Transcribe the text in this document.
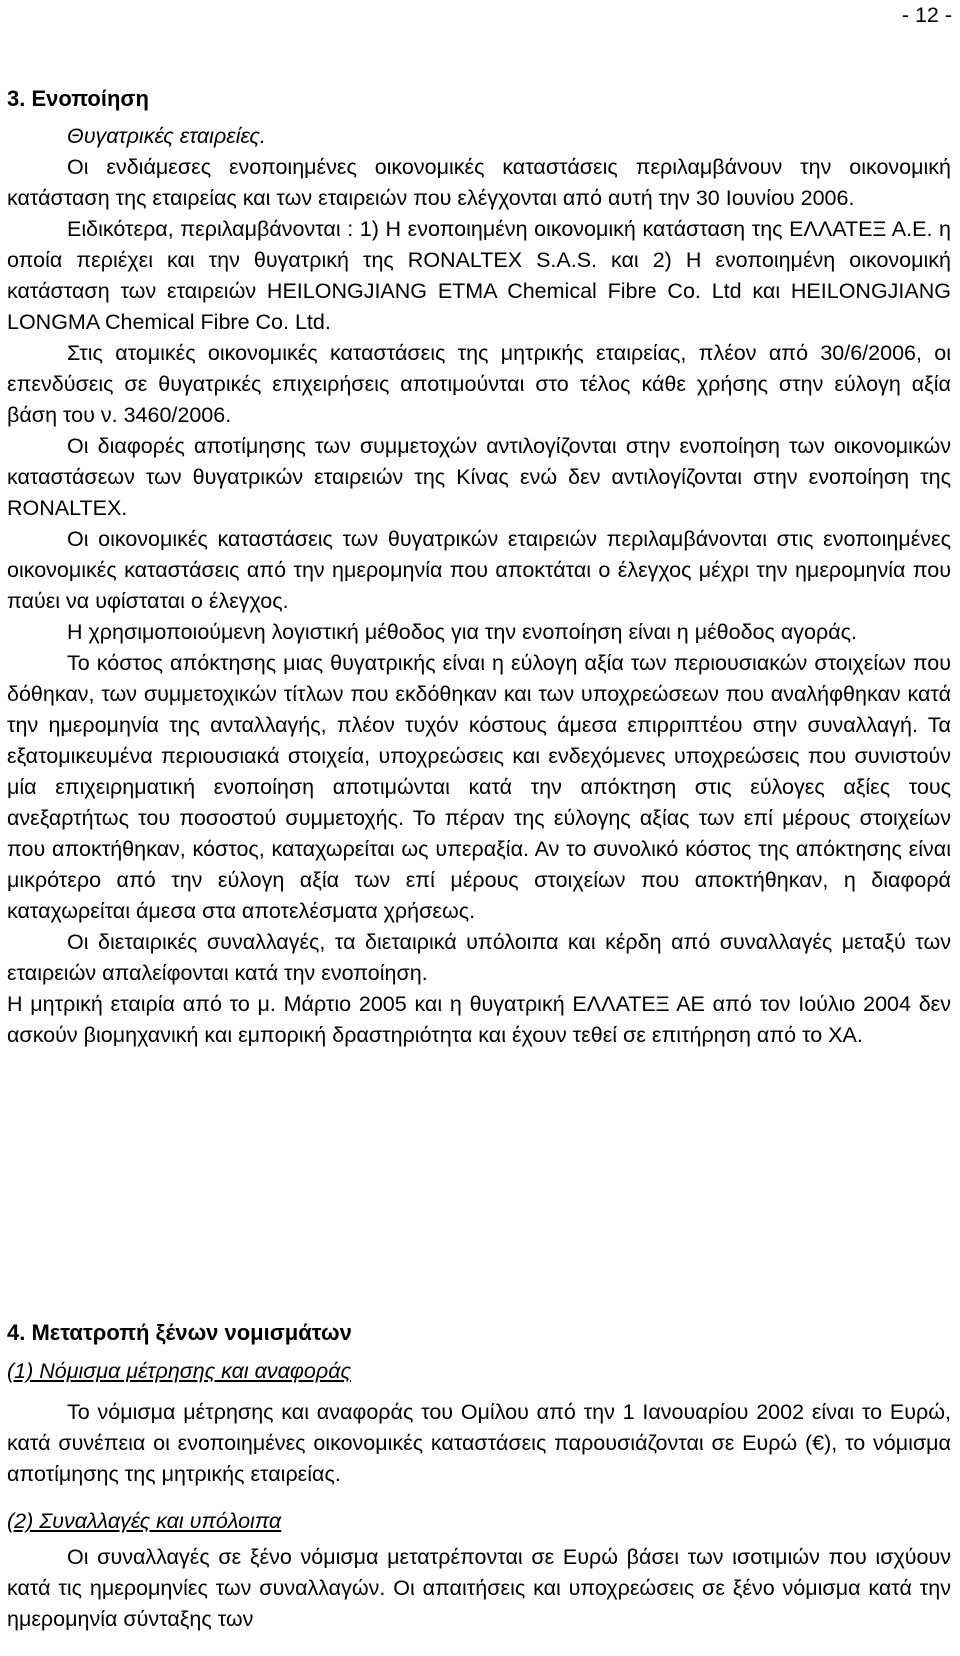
- 12 -
3. Ενοποίηση

Θυγατρικές εταιρείες.

Οι ενδιάμεσες ενοποιημένες οικονομικές καταστάσεις περιλαμβάνουν την οικονομική κατάσταση της εταιρείας και των εταιρειών που ελέγχονται από αυτή την 30 Ιουνίου 2006.

Ειδικότερα, περιλαμβάνονται : 1) Η ενοποιημένη οικονομική κατάσταση της ΕΛΛΑΤΕΞ Α.Ε. η οποία περιέχει και την θυγατρική της RONALTEX S.A.S. και 2) Η ενοποιημένη οικονομική κατάσταση των εταιρειών HEILONGJIANG ETMA Chemical Fibre Co. Ltd και HEILONGJIANG LONGMA Chemical Fibre Co. Ltd.

Στις ατομικές οικονομικές καταστάσεις της μητρικής εταιρείας, πλέον από 30/6/2006, οι επενδύσεις σε θυγατρικές επιχειρήσεις αποτιμούνται στο τέλος κάθε χρήσης στην εύλογη αξία βάση του ν. 3460/2006.

Οι διαφορές αποτίμησης των συμμετοχών αντιλογίζονται στην ενοποίηση των οικονομικών καταστάσεων των θυγατρικών εταιρειών της Κίνας ενώ δεν αντιλογίζονται στην ενοποίηση της RONALTEX.

Οι οικονομικές καταστάσεις των θυγατρικών εταιρειών περιλαμβάνονται στις ενοποιημένες οικονομικές καταστάσεις από την ημερομηνία που αποκτάται ο έλεγχος μέχρι την ημερομηνία που παύει να υφίσταται ο έλεγχος.

Η χρησιμοποιούμενη λογιστική μέθοδος για την ενοποίηση είναι η μέθοδος αγοράς.

Το κόστος απόκτησης μιας θυγατρικής είναι η εύλογη αξία των περιουσιακών στοιχείων που δόθηκαν, των συμμετοχικών τίτλων που εκδόθηκαν και των υποχρεώσεων που αναλήφθηκαν κατά την ημερομηνία της ανταλλαγής, πλέον τυχόν κόστους άμεσα επιρριπτέου στην συναλλαγή. Τα εξατομικευμένα περιουσιακά στοιχεία, υποχρεώσεις και ενδεχόμενες υποχρεώσεις που συνιστούν μία επιχειρηματική ενοποίηση αποτιμώνται κατά την απόκτηση στις εύλογες αξίες τους ανεξαρτήτως του ποσοστού συμμετοχής. Το πέραν της εύλογης αξίας των επί μέρους στοιχείων που αποκτήθηκαν, κόστος, καταχωρείται ως υπεραξία. Αν το συνολικό κόστος της απόκτησης είναι μικρότερο από την εύλογη αξία των επί μέρους στοιχείων που αποκτήθηκαν, η διαφορά καταχωρείται άμεσα στα αποτελέσματα χρήσεως.

Οι διεταιρικές συναλλαγές, τα διεταιρικά υπόλοιπα και κέρδη από συναλλαγές μεταξύ των εταιρειών απαλείφονται κατά την ενοποίηση.

Η μητρική εταιρία από το μ. Μάρτιο 2005 και η θυγατρική ΕΛΛΑΤΕΞ ΑΕ από τον Ιούλιο 2004 δεν ασκούν βιομηχανική και εμπορική δραστηριότητα και έχουν τεθεί σε επιτήρηση από το ΧΑ.

4. Μετατροπή ξένων νομισμάτων
(1) Νόμισμα μέτρησης και αναφοράς

Το νόμισμα μέτρησης και αναφοράς του Ομίλου από την 1 Ιανουαρίου 2002 είναι το Ευρώ, κατά συνέπεια οι ενοποιημένες οικονομικές καταστάσεις παρουσιάζονται σε Ευρώ (€), το νόμισμα αποτίμησης της μητρικής εταιρείας.

(2) Συναλλαγές και υπόλοιπα

Οι συναλλαγές σε ξένο νόμισμα μετατρέπονται σε Ευρώ βάσει των ισοτιμιών που ισχύουν κατά τις ημερομηνίες των συναλλαγών. Οι απαιτήσεις και υποχρεώσεις σε ξένο νόμισμα κατά την ημερομηνία σύνταξης των
